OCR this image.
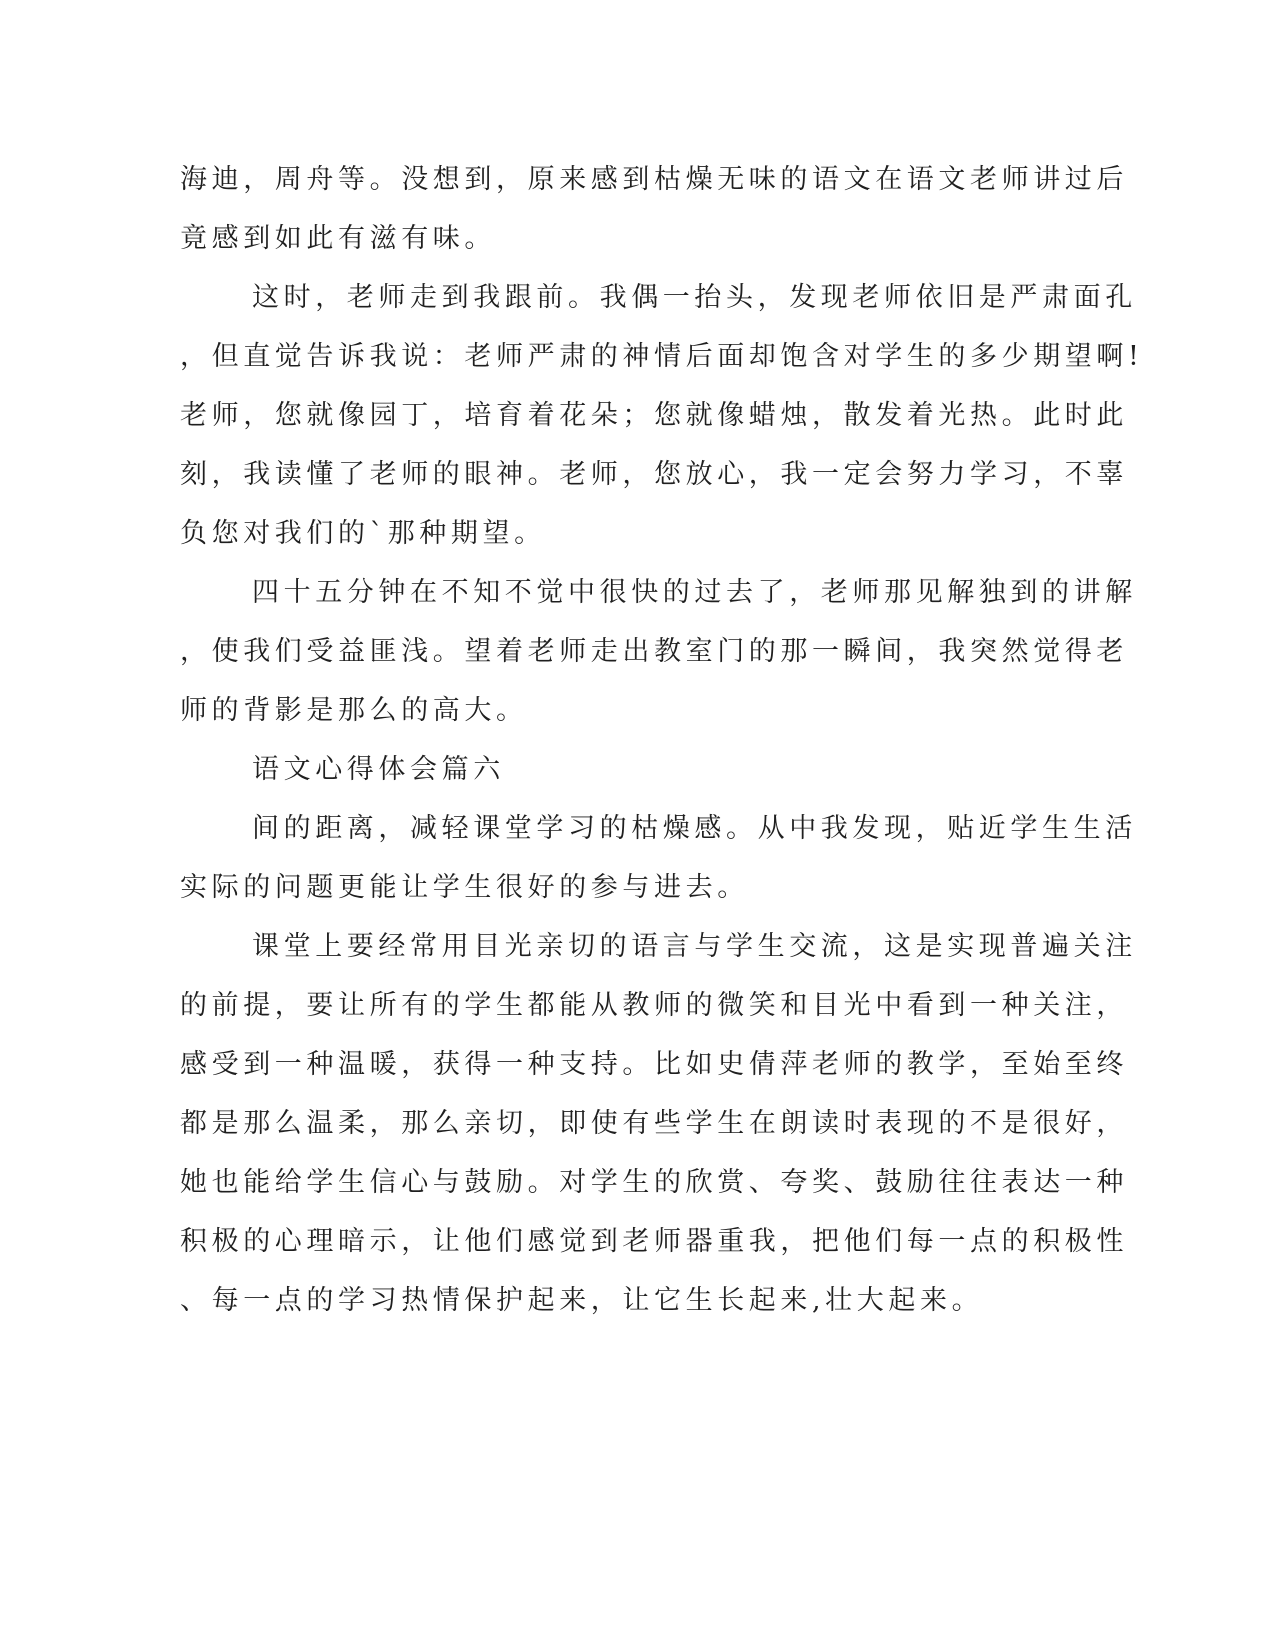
海迪，周舟等。没想到，原来感到枯燥无味的语文在语文老师讲过后
竟感到如此有滋有味。
这时，老师走到我跟前。我偶一抬头，发现老师依旧是严肃面孔
，但直觉告诉我说：老师严肃的神情后面却饱含对学生的多少期望啊!
老师，您就像园丁，培育着花朵；您就像蜡烛，散发着光热。此时此
刻，我读懂了老师的眼神。老师，您放心，我一定会努力学习，不辜
负您对我们的`那种期望。
四十五分钟在不知不觉中很快的过去了，老师那见解独到的讲解
，使我们受益匪浅。望着老师走出教室门的那一瞬间，我突然觉得老
师的背影是那么的高大。
语文心得体会篇六
间的距离，减轻课堂学习的枯燥感。从中我发现，贴近学生生活
实际的问题更能让学生很好的参与进去。
课堂上要经常用目光亲切的语言与学生交流，这是实现普遍关注
的前提，要让所有的学生都能从教师的微笑和目光中看到一种关注，
感受到一种温暖，获得一种支持。比如史倩萍老师的教学，至始至终
都是那么温柔，那么亲切，即使有些学生在朗读时表现的不是很好，
她也能给学生信心与鼓励。对学生的欣赏、夸奖、鼓励往往表达一种
积极的心理暗示，让他们感觉到老师器重我，把他们每一点的积极性
、每一点的学习热情保护起来，让它生长起来,壮大起来。
